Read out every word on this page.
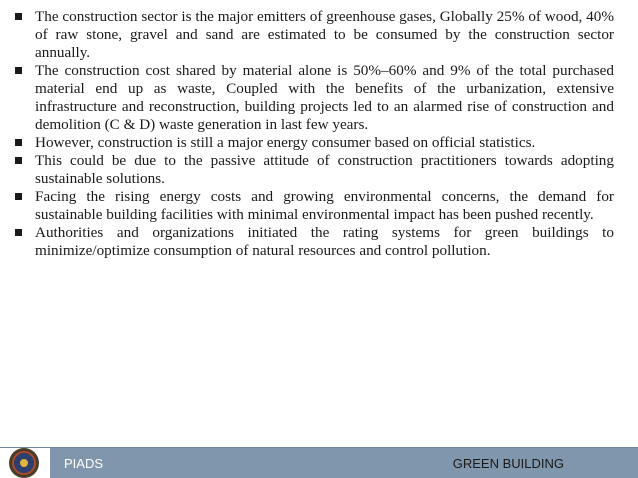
The construction sector is the major emitters of greenhouse gases, Globally 25% of wood, 40% of raw stone, gravel and sand are estimated to be consumed by the construction sector annually.
The construction cost shared by material alone is 50%–60% and 9% of the total purchased material end up as waste, Coupled with the benefits of the urbanization, extensive infrastructure and reconstruction, building projects led to an alarmed rise of construction and demolition (C & D) waste generation in last few years.
However, construction is still a major energy consumer based on official statistics.
This could be due to the passive attitude of construction practitioners towards adopting sustainable solutions.
Facing the rising energy costs and growing environmental concerns, the demand for sustainable building facilities with minimal environmental impact has been pushed recently.
Authorities and organizations initiated the rating systems for green buildings to minimize/optimize consumption of natural resources and control pollution.
PIADS	GREEN BUILDING
